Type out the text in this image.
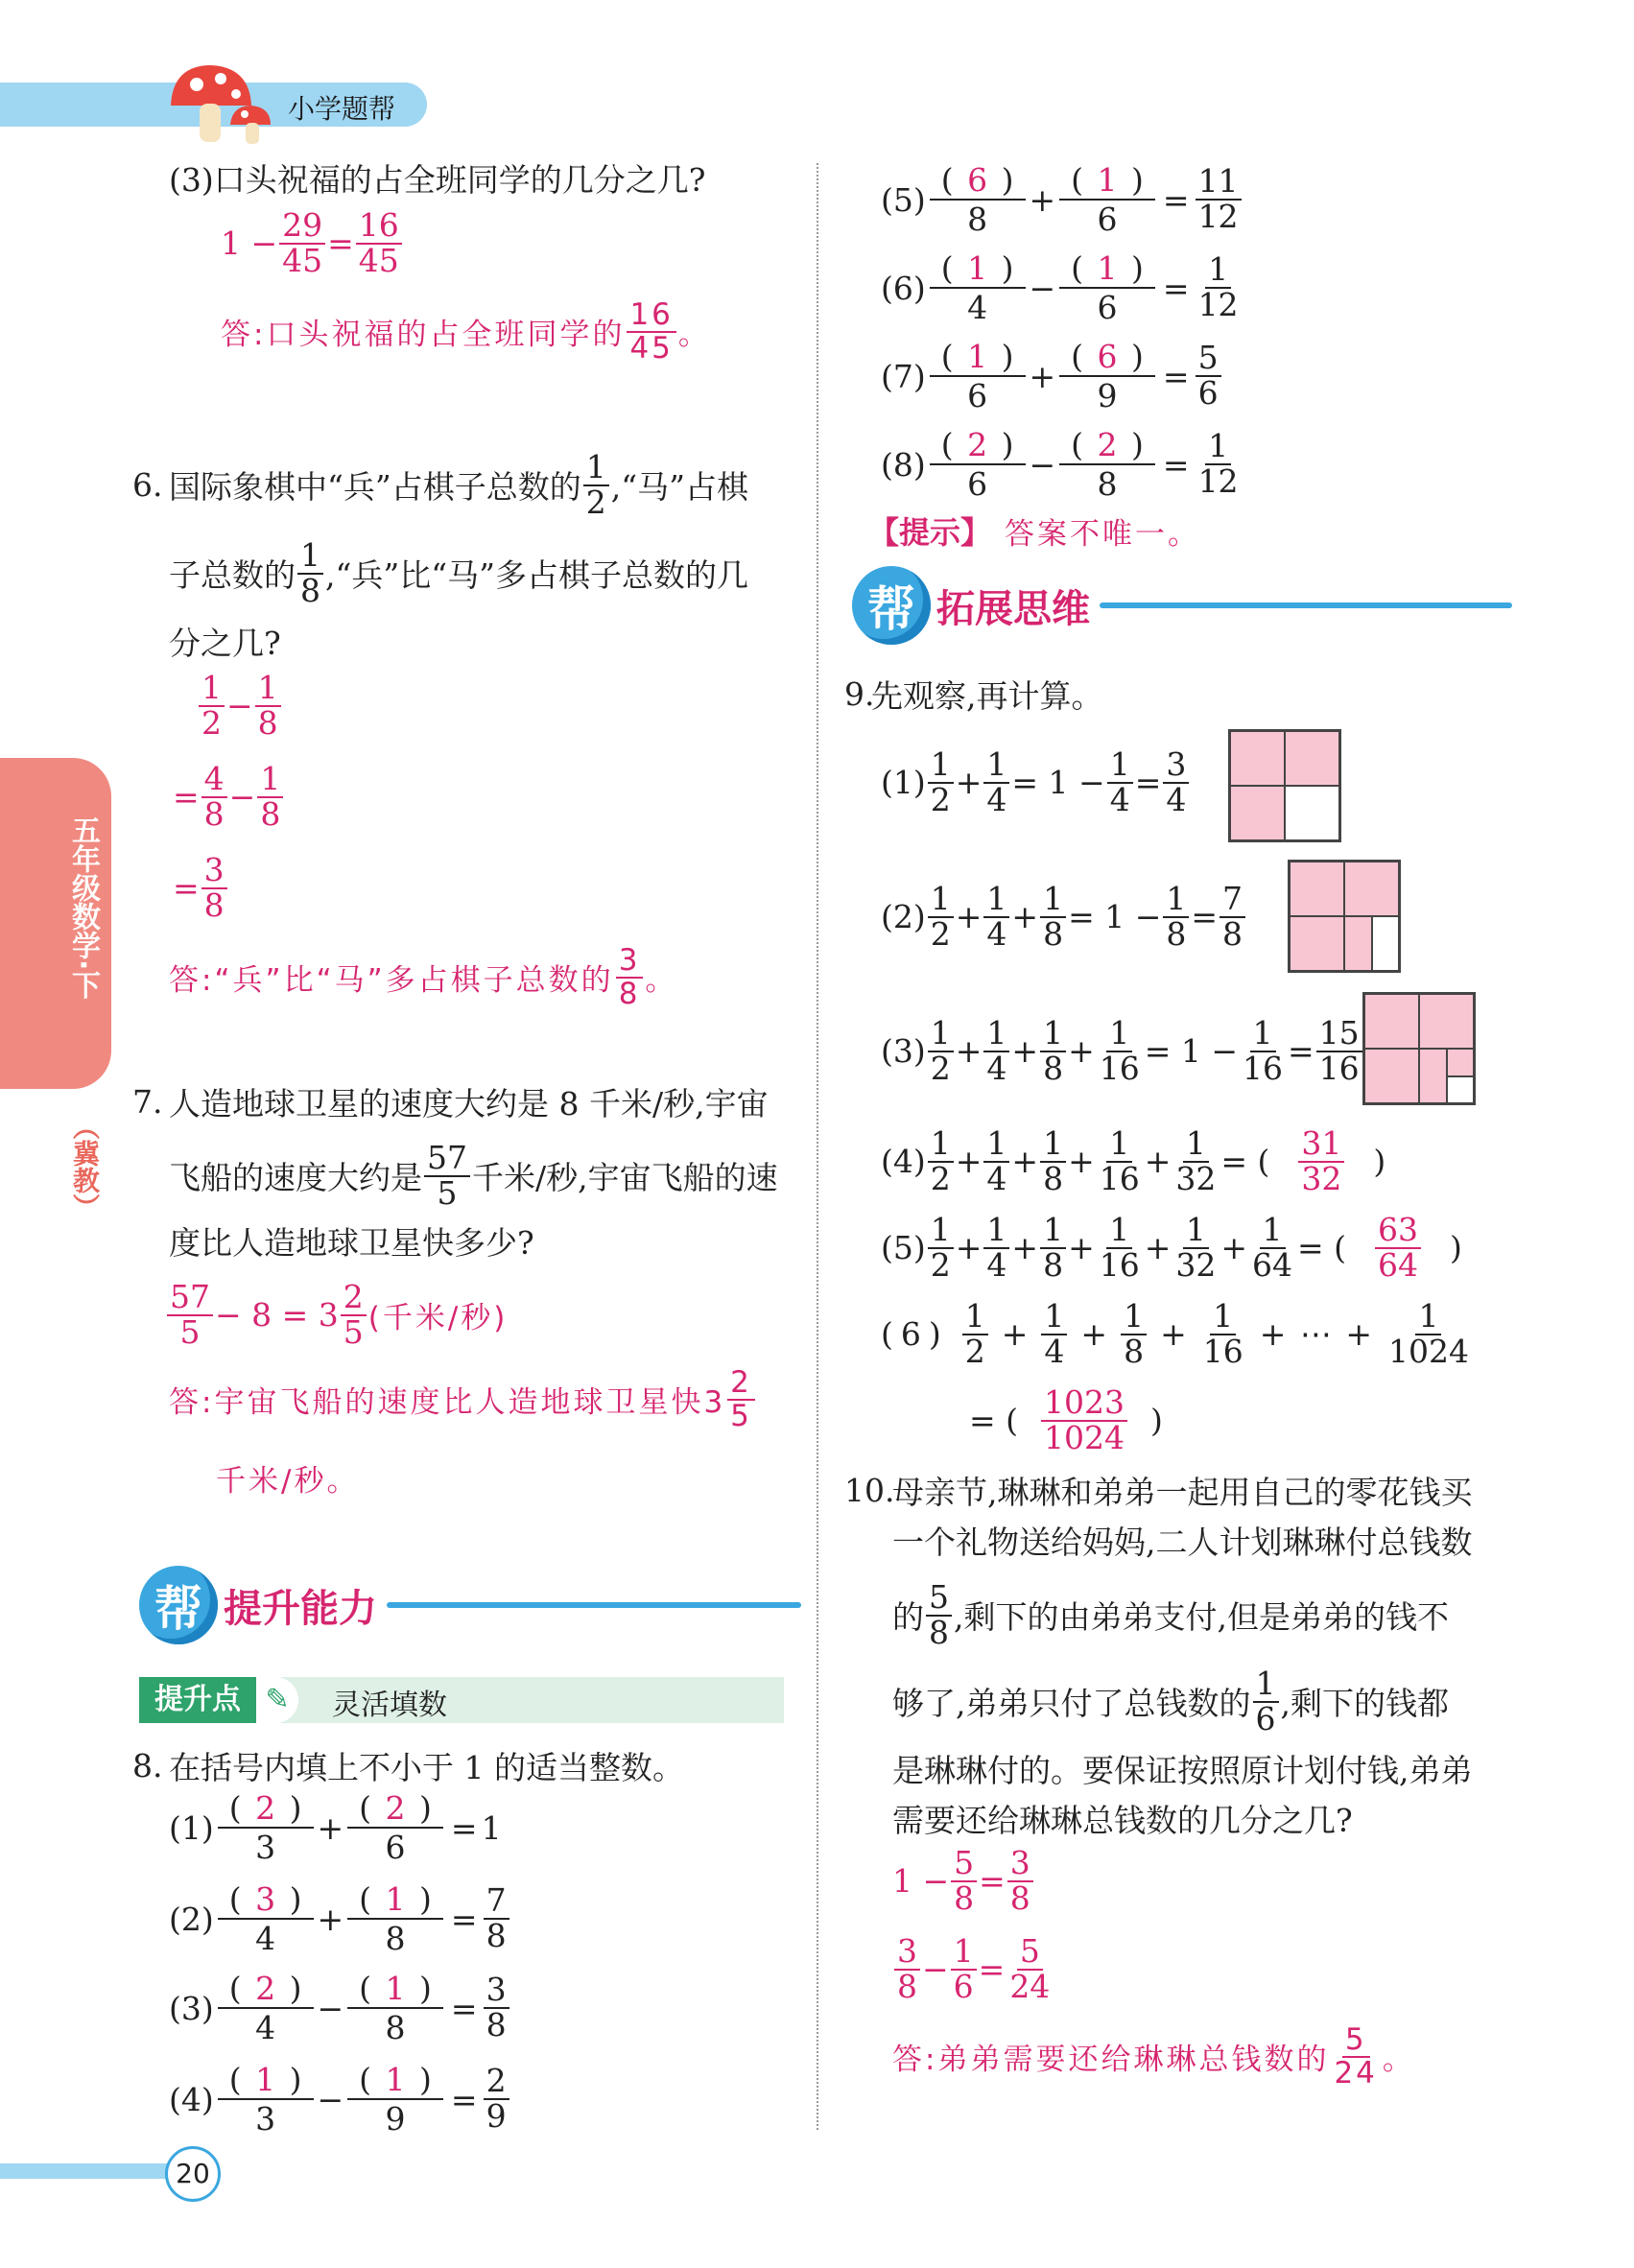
小学题帮
五年级数学·下
（冀教）
20
(3)口头祝福的占全班同学的几分之几?
$1 - \frac{29}{45} = \frac{16}{45}$
答:口头祝福的占全班同学的 $\frac{16}{45}$ 。
6. 国际象棋中“兵”占棋子总数的 $\frac{1}{2}$ ,“马”占棋
子总数的 $\frac{1}{8}$ ,“兵”比“马”多占棋子总数的几
分之几?
$\frac{1}{2} - \frac{1}{8}$
= $\frac{4}{8} - \frac{1}{8}$
= $\frac{3}{8}$
答:“兵”比“马”多占棋子总数的 $\frac{3}{8}$ 。
7. 人造地球卫星的速度大约是 8 千米/秒,宇宙
飞船的速度大约是 $\frac{57}{5}$ 千米/秒,宇宙飞船的速
度比人造地球卫星快多少?
$\frac{57}{5} - 8 = 3 \frac{2}{5}$ (千米/秒)
答:宇宙飞船的速度比人造地球卫星快$3 \frac{2}{5}$
千米/秒。
帮 提升能力
提升点 ✎	灵活填数
8. 在括号内填上不小于 1 的适当整数。
(1)
( 2 )
3
+ $\frac{( 2 )}{6} = 1$
(2)
( 3 )
4
+ $\frac{( 1 )}{8} = \frac{7}{8}$
(3)
( 2 )
4
− $\frac{( 1 )}{8} = \frac{3}{8}$
(4)
( 1 )
3
− $\frac{( 1 )}{9} = \frac{2}{9}$
(5)
( 6 )
8
+ $\frac{( 1 )}{6} = \frac{11}{12}$
(6)
( 1 )
4
− $\frac{( 1 )}{6} = \frac{1}{12}$
(7)
( 1 )
6
+ $\frac{( 6 )}{9} = \frac{5}{6}$
(8)
( 2 )
6
− $\frac{( 2 )}{8} = \frac{1}{12}$
【提示】 答案不唯一。
帮 拓展思维
9.
先观察,再计算。
$(1) \frac{1}{2} + \frac{1}{4} = 1 - \frac{1}{4} = \frac{3}{4}$
$(2) \frac{1}{2} + \frac{1}{4} + \frac{1}{8} = 1 - \frac{1}{8} = \frac{7}{8}$
$(3) \frac{1}{2} + \frac{1}{4} + \frac{1}{8} + \frac{1}{16} = 1 - \frac{1}{16} = \frac{15}{16}$
$(4) \frac{1}{2} + \frac{1}{4} + \frac{1}{8} + \frac{1}{16} + \frac{1}{32}$ = ( $\frac{31}{32}$ )
$(5) \frac{1}{2} + \frac{1}{4} + \frac{1}{8} + \frac{1}{16} + \frac{1}{32} + \frac{1}{64}$ = ( $\frac{63}{64}$ )
$(6) \frac{1}{2} + \frac{1}{4} + \frac{1}{8} + \frac{1}{16}$ + ⋯ + $\frac{1}{1024}$
= ( $\frac{1023}{1024}$ )
10.
母亲节,琳琳和弟弟一起用自己的零花钱买
一个礼物送给妈妈,二人计划琳琳付总钱数
的 $\frac{5}{8}$ ,剩下的由弟弟支付,但是弟弟的钱不
够了,弟弟只付了总钱数的 $\frac{1}{6}$ ,剩下的钱都
是琳琳付的。要保证按照原计划付钱,弟弟
需要还给琳琳总钱数的几分之几?
$1 - \frac{5}{8} = \frac{3}{8}$
$\frac{3}{8} - \frac{1}{6} = \frac{5}{24}$
答:弟弟需要还给琳琳总钱数的 $\frac{5}{24}$ 。
